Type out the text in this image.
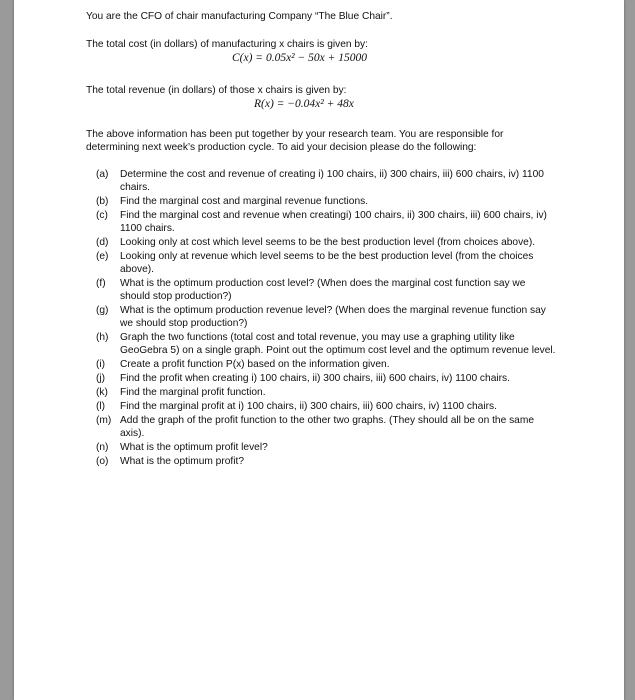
You are the CFO of chair manufacturing Company “The Blue Chair”.

The total cost (in dollars) of manufacturing x chairs is given by:

C(x) = 0.05x² − 50x + 15000

The total revenue (in dollars) of those x chairs is given by:

R(x) = −0.04x² + 48x

The above information has been put together by your research team. You are responsible for determining next week’s production cycle. To aid your decision please do the following:

(a) Determine the cost and revenue of creating i) 100 chairs, ii) 300 chairs, iii) 600 chairs, iv) 1100 chairs.
(b) Find the marginal cost and marginal revenue functions.
(c) Find the marginal cost and revenue when creatingi) 100 chairs, ii) 300 chairs, iii) 600 chairs, iv) 1100 chairs.
(d) Looking only at cost which level seems to be the best production level (from choices above).
(e) Looking only at revenue which level seems to be the best production level (from the choices above).
(f) What is the optimum production cost level? (When does the marginal cost function say we should stop production?)
(g) What is the optimum production revenue level? (When does the marginal revenue function say we should stop production?)
(h) Graph the two functions (total cost and total revenue, you may use a graphing utility like GeoGebra 5) on a single graph. Point out the optimum cost level and the optimum revenue level.
(i) Create a profit function P(x) based on the information given.
(j) Find the profit when creating i) 100 chairs, ii) 300 chairs, iii) 600 chairs, iv) 1100 chairs.
(k) Find the marginal profit function.
(l) Find the marginal profit at i) 100 chairs, ii) 300 chairs, iii) 600 chairs, iv) 1100 chairs.
(m) Add the graph of the profit function to the other two graphs. (They should all be on the same axis).
(n) What is the optimum profit level?
(o) What is the optimum profit?
